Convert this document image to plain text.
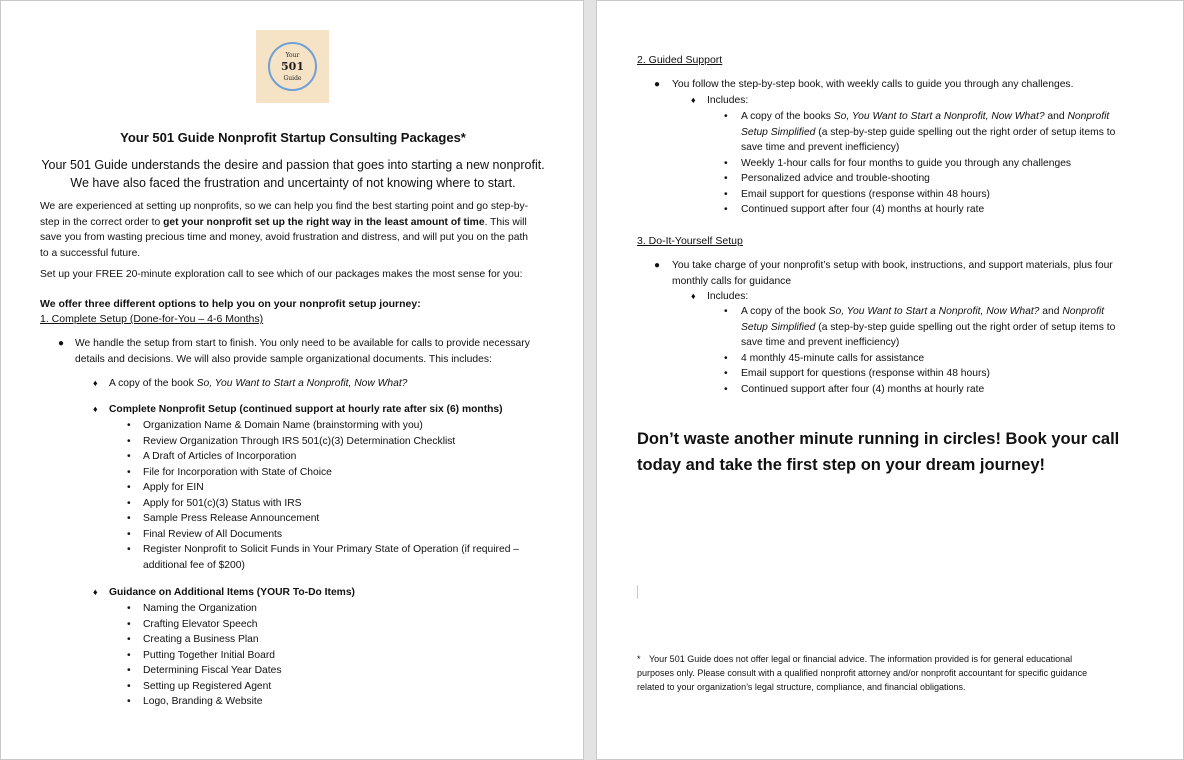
Your
501
Guide
Your 501 Guide Nonprofit Startup Consulting Packages*
Your 501 Guide understands the desire and passion that goes into starting a new nonprofit.
We have also faced the frustration and uncertainty of not knowing where to start.
We are experienced at setting up nonprofits, so we can help you find the best starting point and go step-by-
step in the correct order to get your nonprofit set up the right way in the least amount of time. This will
save you from wasting precious time and money, avoid frustration and distress, and will put you on the path
to a successful future.
Set up your FREE 20-minute exploration call to see which of our packages makes the most sense for you:
We offer three different options to help you on your nonprofit setup journey:
1. Complete Setup (Done-for-You – 4-6 Months)
● We handle the setup from start to finish. You only need to be available for calls to provide necessary
details and decisions. We will also provide sample organizational documents. This includes:
♦ A copy of the book So, You Want to Start a Nonprofit, Now What?
♦ Complete Nonprofit Setup (continued support at hourly rate after six (6) months)
• Organization Name & Domain Name (brainstorming with you)
• Review Organization Through IRS 501(c)(3) Determination Checklist
• A Draft of Articles of Incorporation
• File for Incorporation with State of Choice
• Apply for EIN
• Apply for 501(c)(3) Status with IRS
• Sample Press Release Announcement
• Final Review of All Documents
• Register Nonprofit to Solicit Funds in Your Primary State of Operation (if required –
additional fee of $200)
♦ Guidance on Additional Items (YOUR To-Do Items)
• Naming the Organization
• Crafting Elevator Speech
• Creating a Business Plan
• Putting Together Initial Board
• Determining Fiscal Year Dates
• Setting up Registered Agent
• Logo, Branding & Website
2. Guided Support
● You follow the step-by-step book, with weekly calls to guide you through any challenges.
♦ Includes:
• A copy of the books So, You Want to Start a Nonprofit, Now What? and Nonprofit
Setup Simplified (a step-by-step guide spelling out the right order of setup items to
save time and prevent inefficiency)
• Weekly 1-hour calls for four months to guide you through any challenges
• Personalized advice and trouble-shooting
• Email support for questions (response within 48 hours)
• Continued support after four (4) months at hourly rate
3. Do-It-Yourself Setup
● You take charge of your nonprofit’s setup with book, instructions, and support materials, plus four
monthly calls for guidance
♦ Includes:
• A copy of the book So, You Want to Start a Nonprofit, Now What? and Nonprofit
Setup Simplified (a step-by-step guide spelling out the right order of setup items to
save time and prevent inefficiency)
• 4 monthly 45-minute calls for assistance
• Email support for questions (response within 48 hours)
• Continued support after four (4) months at hourly rate
Don’t waste another minute running in circles! Book your call
today and take the first step on your dream journey!
* Your 501 Guide does not offer legal or financial advice. The information provided is for general educational
purposes only. Please consult with a qualified nonprofit attorney and/or nonprofit accountant for specific guidance
related to your organization’s legal structure, compliance, and financial obligations.
